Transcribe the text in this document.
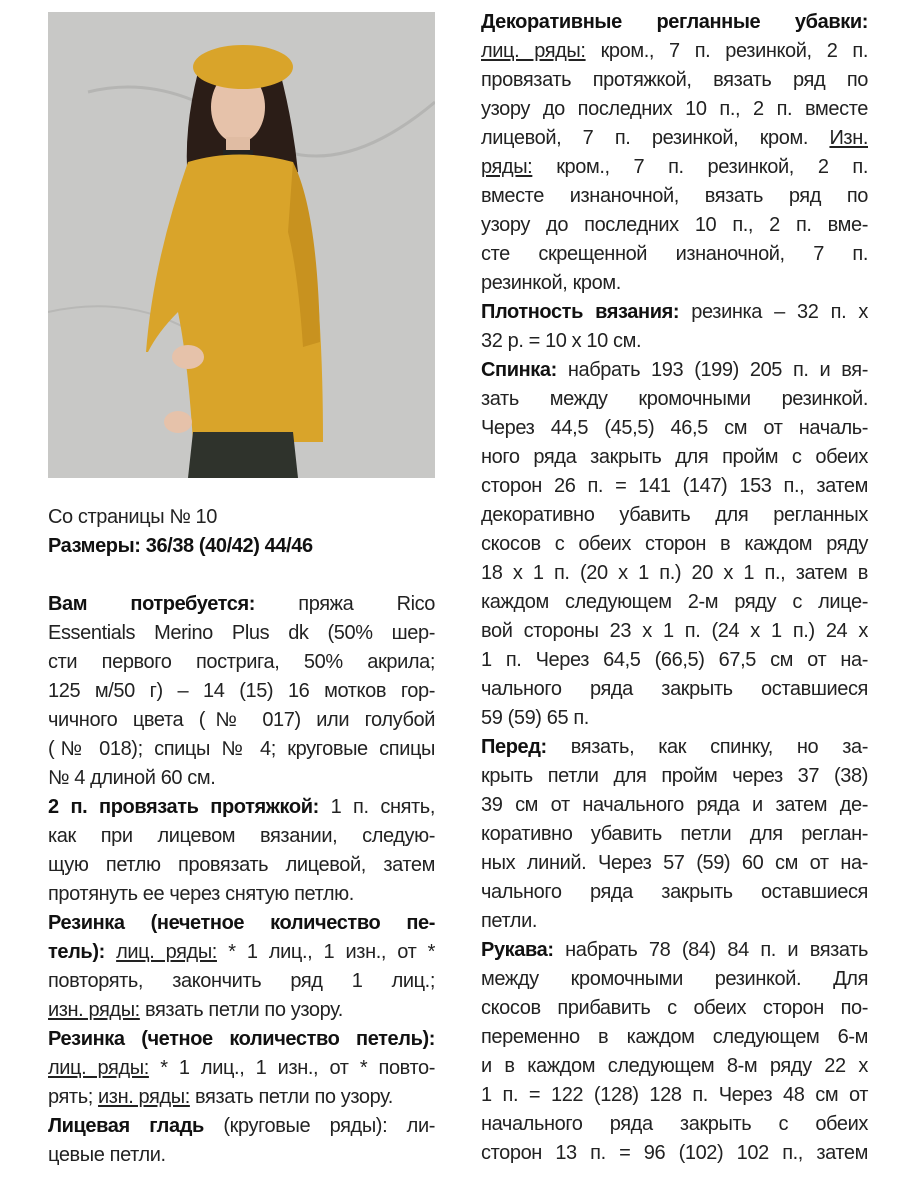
Со страницы № 10
Размеры: 36/38 (40/42) 44/46
Вам потребуется: пряжа Rico
Essentials Merino Plus dk (50% шер-
сти первого пострига, 50% акрила;
125 м/50 г) – 14 (15) 16 мотков гор-
чичного цвета (№ 017) или голубой
(№ 018); спицы № 4; круговые спицы
№ 4 длиной 60 см.
2 п. провязать протяжкой: 1 п. снять,
как при лицевом вязании, следую-
щую петлю провязать лицевой, затем
протянуть ее через снятую петлю.
Резинка (нечетное количество пе-
тель): лиц. ряды: * 1 лиц., 1 изн., от *
повторять, закончить ряд 1 лиц.;
изн. ряды: вязать петли по узору.
Резинка (четное количество петель):
лиц. ряды: * 1 лиц., 1 изн., от * повто-
рять; изн. ряды: вязать петли по узору.
Лицевая гладь (круговые ряды): ли-
цевые петли.
Декоративные регланные убавки:
лиц. ряды: кром., 7 п. резинкой, 2 п.
провязать протяжкой, вязать ряд по
узору до последних 10 п., 2 п. вместе
лицевой, 7 п. резинкой, кром. Изн.
ряды: кром., 7 п. резинкой, 2 п.
вместе изнаночной, вязать ряд по
узору до последних 10 п., 2 п. вме-
сте скрещенной изнаночной, 7 п.
резинкой, кром.
Плотность вязания: резинка – 32 п. х
32 р. = 10 х 10 см.
Спинка: набрать 193 (199) 205 п. и вя-
зать между кромочными резинкой.
Через 44,5 (45,5) 46,5 см от началь-
ного ряда закрыть для пройм с обеих
сторон 26 п. = 141 (147) 153 п., затем
декоративно убавить для регланных
скосов с обеих сторон в каждом ряду
18 х 1 п. (20 х 1 п.) 20 х 1 п., затем в
каждом следующем 2-м ряду с лице-
вой стороны 23 х 1 п. (24 х 1 п.) 24 х
1 п. Через 64,5 (66,5) 67,5 см от на-
чального ряда закрыть оставшиеся
59 (59) 65 п.
Перед: вязать, как спинку, но за-
крыть петли для пройм через 37 (38)
39 см от начального ряда и затем де-
коративно убавить петли для реглан-
ных линий. Через 57 (59) 60 см от на-
чального ряда закрыть оставшиеся
петли.
Рукава: набрать 78 (84) 84 п. и вязать
между кромочными резинкой. Для
скосов прибавить с обеих сторон по-
переменно в каждом следующем 6-м
и в каждом следующем 8-м ряду 22 х
1 п. = 122 (128) 128 п. Через 48 см от
начального ряда закрыть с обеих
сторон 13 п. = 96 (102) 102 п., затем
